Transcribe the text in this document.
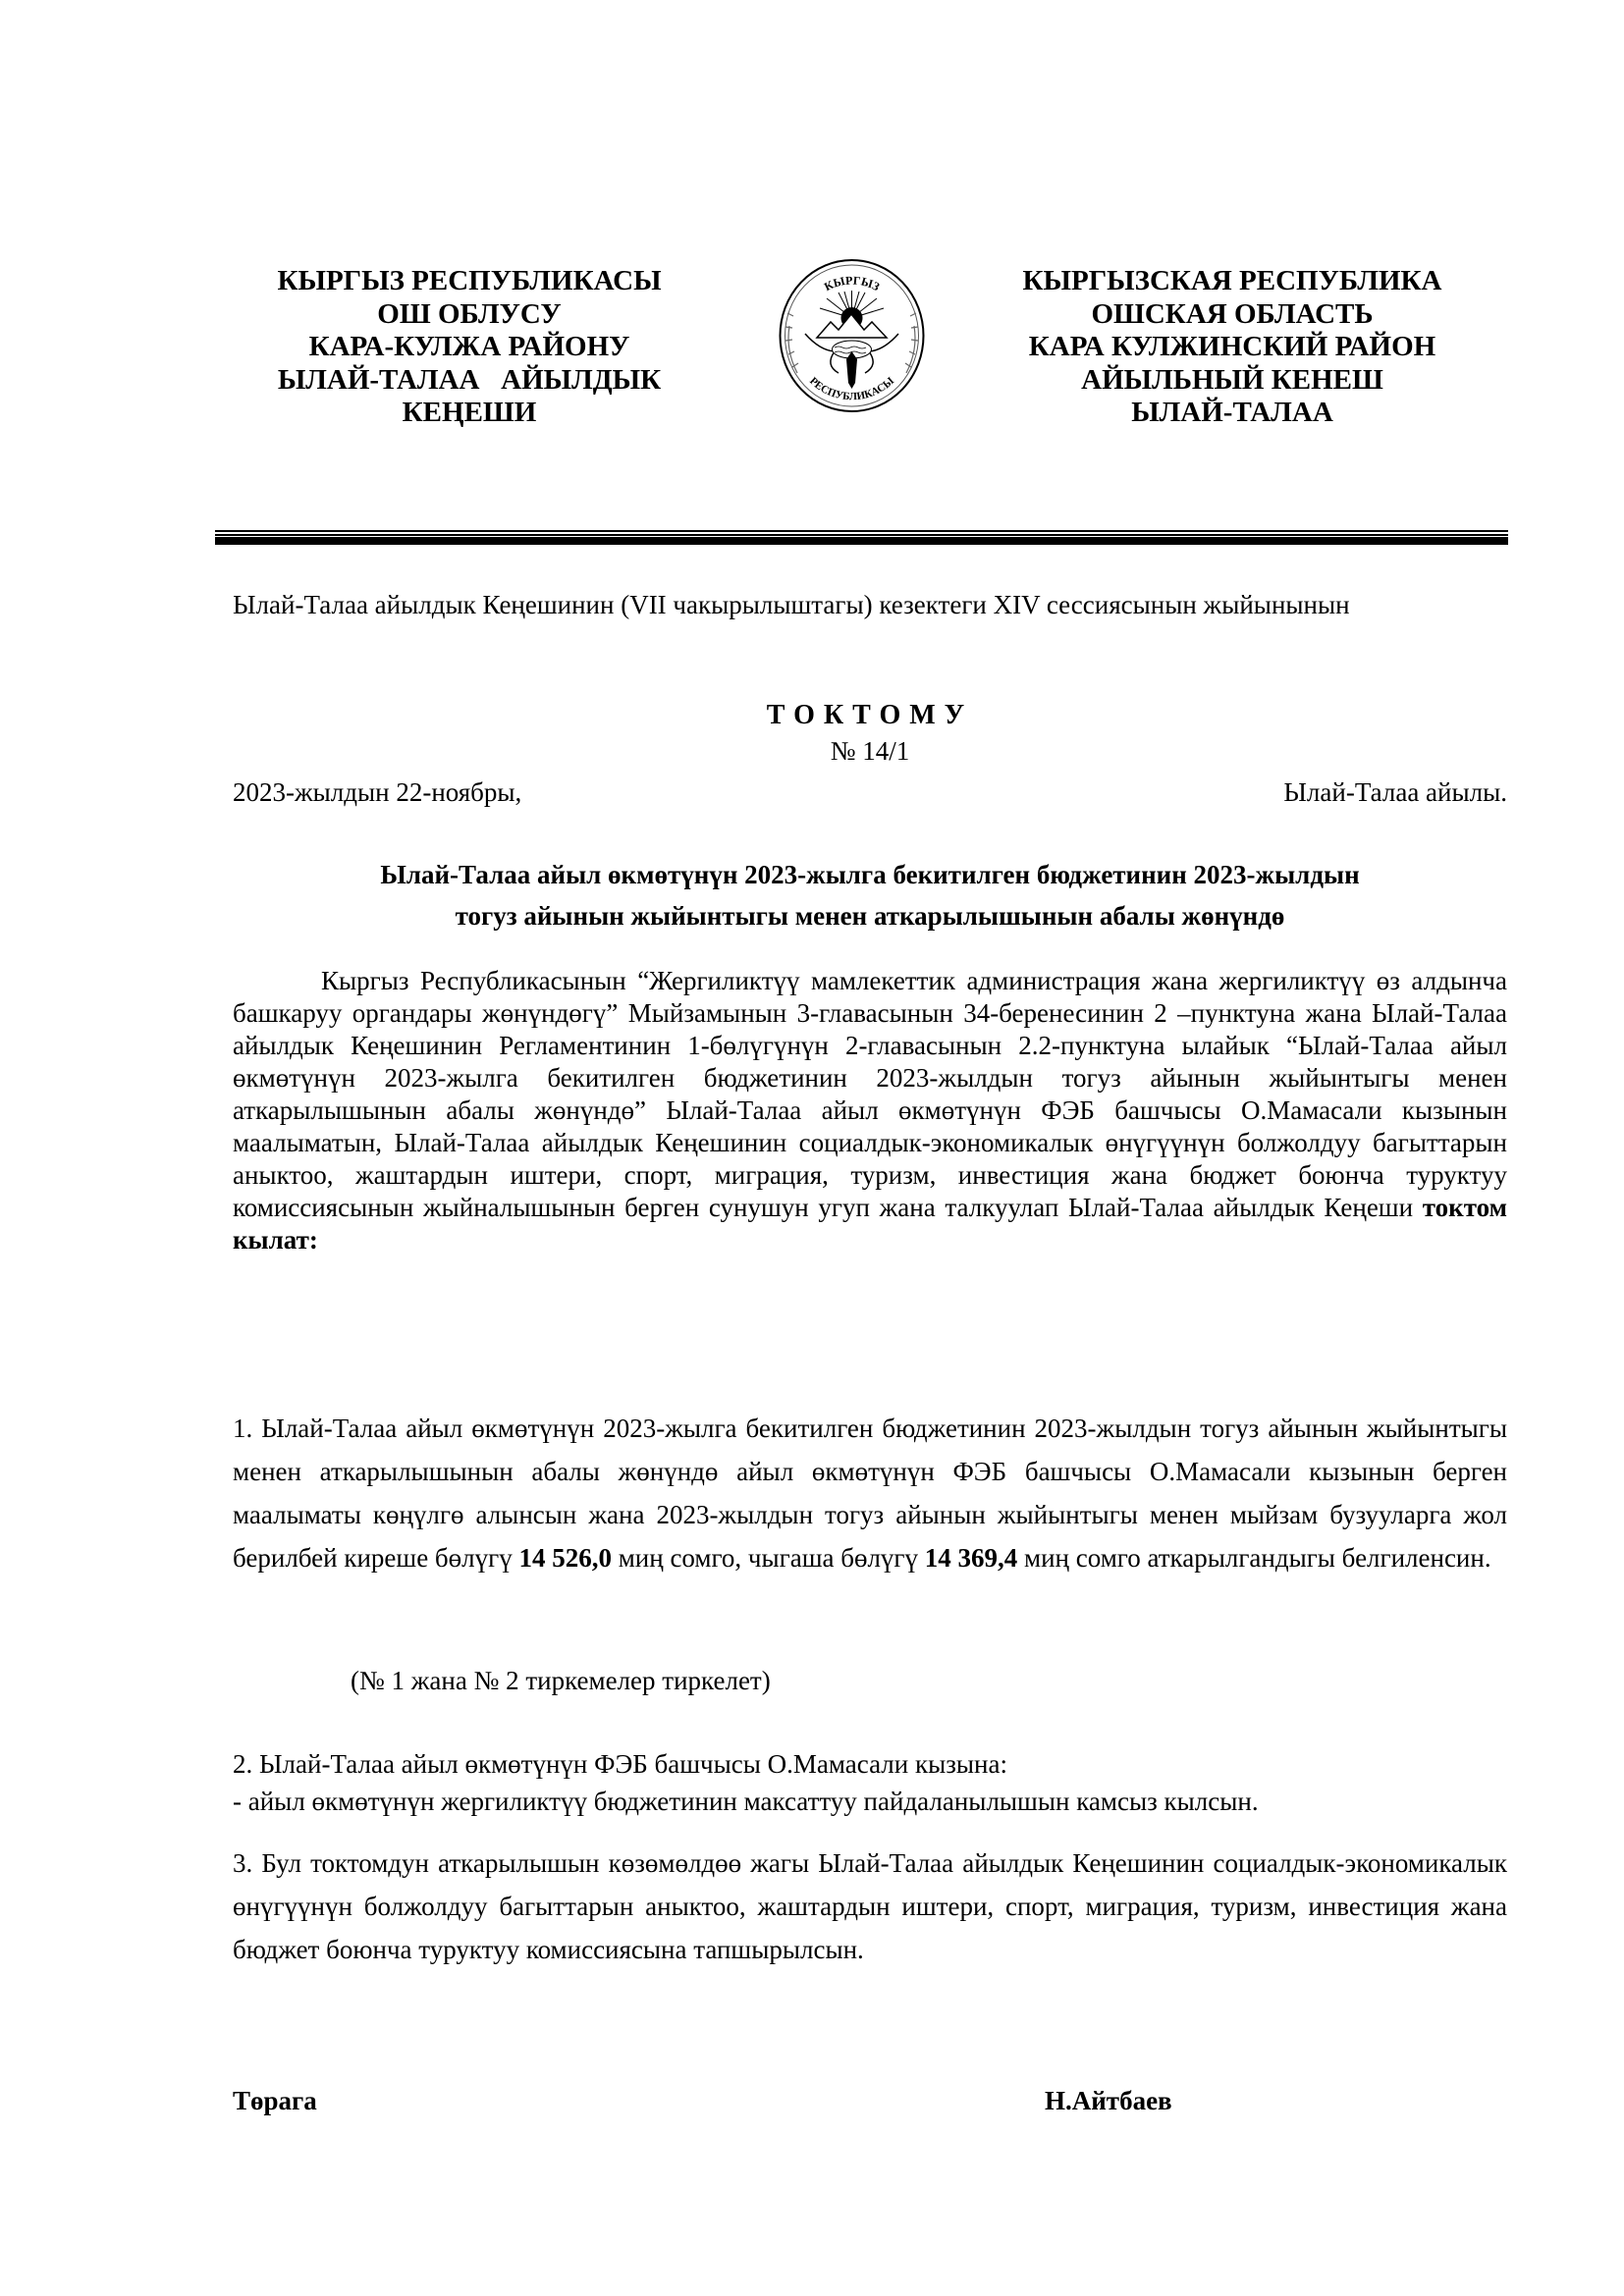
КЫРГЫЗ РЕСПУБЛИКАСЫ
ОШ ОБЛУСУ
КАРА-КУЛЖА РАЙОНУ
ЫЛАЙ-ТАЛАА   АЙЫЛДЫК
КЕҢЕШИ
КЫРГЫЗ
РЕСПУБЛИКАСЫ
КЫРГЫЗСКАЯ РЕСПУБЛИКА
ОШСКАЯ ОБЛАСТЬ
КАРА КУЛЖИНСКИЙ РАЙОН
АЙЫЛЬНЫЙ КЕНЕШ
ЫЛАЙ-ТАЛАА
Ылай-Талаа айылдык Кеңешинин (VII чакырылыштагы) кезектеги XIV сессиясынын жыйынынын
ТОКТОМУ
№ 14/1
2023-жылдын 22-ноябры,	Ылай-Талаа айылы.
Ылай-Талаа айыл өкмөтүнүн 2023-жылга бекитилген бюджетинин 2023-жылдын
тогуз айынын жыйынтыгы менен аткарылышынын абалы жөнүндө
Кыргыз Республикасынын “Жергиликтүү мамлекеттик администрация жана жергиликтүү өз алдынча башкаруу органдары жөнүндөгү” Мыйзамынын 3-главасынын 34-беренесинин 2 –пунктуна жана Ылай-Талаа айылдык Кеңешинин Регламентинин 1-бөлүгүнүн 2-главасынын 2.2-пунктуна ылайык “Ылай-Талаа айыл өкмөтүнүн 2023-жылга бекитилген бюджетинин 2023-жылдын тогуз айынын жыйынтыгы менен аткарылышынын абалы жөнүндө” Ылай-Талаа айыл өкмөтүнүн ФЭБ башчысы О.Мамасали кызынын маалыматын, Ылай-Талаа айылдык Кеңешинин социалдык-экономикалык өнүгүүнүн болжолдуу багыттарын аныктоо, жаштардын иштери, спорт, миграция, туризм, инвестиция жана бюджет боюнча туруктуу комиссиясынын жыйналышынын берген сунушун угуп жана талкуулап Ылай-Талаа айылдык Кеңеши токтом кылат:
1. Ылай-Талаа айыл өкмөтүнүн 2023-жылга бекитилген бюджетинин 2023-жылдын тогуз айынын жыйынтыгы менен аткарылышынын абалы жөнүндө айыл өкмөтүнүн ФЭБ башчысы О.Мамасали кызынын берген маалыматы көңүлгө алынсын жана 2023-жылдын тогуз айынын жыйынтыгы менен мыйзам бузууларга жол берилбей киреше бөлүгү 14 526,0 миң сомго, чыгаша бөлүгү 14 369,4 миң сомго аткарылгандыгы белгиленсин.
(№ 1 жана № 2 тиркемелер тиркелет)
2. Ылай-Талаа айыл өкмөтүнүн ФЭБ башчысы О.Мамасали кызына:
- айыл өкмөтүнүн жергиликтүү бюджетинин максаттуу пайдаланылышын камсыз кылсын.
3. Бул токтомдун аткарылышын көзөмөлдөө жагы Ылай-Талаа айылдык Кеңешинин социалдык-экономикалык өнүгүүнүн болжолдуу багыттарын аныктоо, жаштардын иштери, спорт, миграция, туризм, инвестиция жана бюджет боюнча туруктуу комиссиясына тапшырылсын.
Төрага	Н.Айтбаев
